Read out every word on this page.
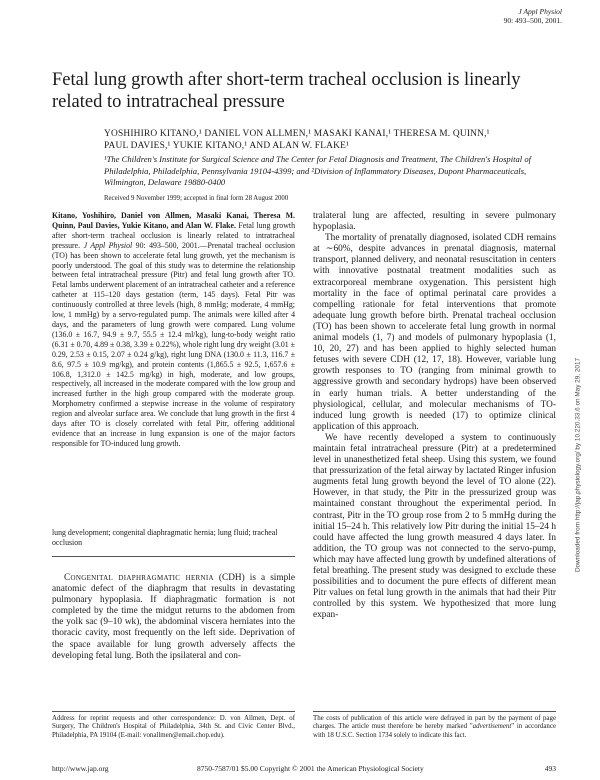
J Appl Physiol
90: 493–500, 2001.
Fetal lung growth after short-term tracheal occlusion is linearly related to intratracheal pressure
YOSHIHIRO KITANO,¹ DANIEL VON ALLMEN,¹ MASAKI KANAI,¹ THERESA M. QUINN,¹
PAUL DAVIES,¹ YUKIE KITANO,¹ AND ALAN W. FLAKE¹
¹The Children's Institute for Surgical Science and The Center for Fetal Diagnosis and Treatment, The Children's Hospital of Philadelphia, Philadelphia, Pennsylvania 19104-4399; and ²Division of Inflammatory Diseases, Dupont Pharmaceuticals, Wilmington, Delaware 19880-0400
Received 9 November 1999; accepted in final form 28 August 2000
Kitano, Yoshihiro, Daniel von Allmen, Masaki Kanai, Theresa M. Quinn, Paul Davies, Yukie Kitano, and Alan W. Flake. Fetal lung growth after short-term tracheal occlusion is linearly related to intratracheal pressure. J Appl Physiol 90: 493–500, 2001.—Prenatal tracheal occlusion (TO) has been shown to accelerate fetal lung growth, yet the mechanism is poorly understood. The goal of this study was to determine the relationship between fetal intratracheal pressure (Pitr) and fetal lung growth after TO. Fetal lambs underwent placement of an intratracheal catheter and a reference catheter at 115–120 days gestation (term, 145 days). Fetal Pitr was continuously controlled at three levels (high, 8 mmHg; moderate, 4 mmHg; low, 1 mmHg) by a servo-regulated pump. The animals were killed after 4 days, and the parameters of lung growth were compared. Lung volume (136.0 ± 16.7, 94.9 ± 9.7, 55.5 ± 12.4 ml/kg), lung-to-body weight ratio (6.31 ± 0.70, 4.89 ± 0.38, 3.39 ± 0.22%), whole right lung dry weight (3.01 ± 0.29, 2.53 ± 0.15, 2.07 ± 0.24 g/kg), right lung DNA (130.0 ± 11.3, 116.7 ± 8.6, 97.5 ± 10.9 mg/kg), and protein contents (1,865.5 ± 92.5, 1,657.6 ± 106.8, 1,312.0 ± 142.5 mg/kg) in high, moderate, and low groups, respectively, all increased in the moderate compared with the low group and increased further in the high group compared with the moderate group. Morphometry confirmed a stepwise increase in the volume of respiratory region and alveolar surface area. We conclude that lung growth in the first 4 days after TO is closely correlated with fetal Pitr, offering additional evidence that an increase in lung expansion is one of the major factors responsible for TO-induced lung growth.
lung development; congenital diaphragmatic hernia; lung fluid; tracheal occlusion

Congenital diaphragmatic hernia (CDH) is a simple anatomic defect of the diaphragm that results in devastating pulmonary hypoplasia. If diaphragmatic formation is not completed by the time the midgut returns to the abdomen from the yolk sac (9–10 wk), the abdominal viscera herniates into the thoracic cavity, most frequently on the left side. Deprivation of the space available for lung growth adversely affects the developing fetal lung. Both the ipsilateral and con-

tralateral lung are affected, resulting in severe pulmonary hypoplasia.

The mortality of prenatally diagnosed, isolated CDH remains at ∼60%, despite advances in prenatal diagnosis, maternal transport, planned delivery, and neonatal resuscitation in centers with innovative postnatal treatment modalities such as extracorporeal membrane oxygenation. This persistent high mortality in the face of optimal perinatal care provides a compelling rationale for fetal interventions that promote adequate lung growth before birth. Prenatal tracheal occlusion (TO) has been shown to accelerate fetal lung growth in normal animal models (1, 7) and models of pulmonary hypoplasia (1, 10, 20, 27) and has been applied to highly selected human fetuses with severe CDH (12, 17, 18). However, variable lung growth responses to TO (ranging from minimal growth to aggressive growth and secondary hydrops) have been observed in early human trials. A better understanding of the physiological, cellular, and molecular mechanisms of TO-induced lung growth is needed (17) to optimize clinical application of this approach.

We have recently developed a system to continuously maintain fetal intratracheal pressure (Pitr) at a predetermined level in unanesthetized fetal sheep. Using this system, we found that pressurization of the fetal airway by lactated Ringer infusion augments fetal lung growth beyond the level of TO alone (22). However, in that study, the Pitr in the pressurized group was maintained constant throughout the experimental period. In contrast, Pitr in the TO group rose from 2 to 5 mmHg during the initial 15–24 h. This relatively low Pitr during the initial 15–24 h could have affected the lung growth measured 4 days later. In addition, the TO group was not connected to the servo-pump, which may have affected lung growth by undefined alterations of fetal breathing. The present study was designed to exclude these possibilities and to document the pure effects of different mean Pitr values on fetal lung growth in the animals that had their Pitr controlled by this system. We hypothesized that more lung expan-

Address for reprint requests and other correspondence: D. von Allmen, Dept. of Surgery, The Children's Hospital of Philadelphia, 34th St. and Civic Center Blvd., Philadelphia, PA 19104 (E-mail: vonallmen@email.chop.edu).
The costs of publication of this article were defrayed in part by the payment of page charges. The article must therefore be hereby marked "advertisement" in accordance with 18 U.S.C. Section 1734 solely to indicate this fact.
http://www.jap.org	8750-7587/01 $5.00 Copyright © 2001 the American Physiological Society	493
Downloaded from http://jap.physiology.org/ by 10.220.33.6 on May 29, 2017
